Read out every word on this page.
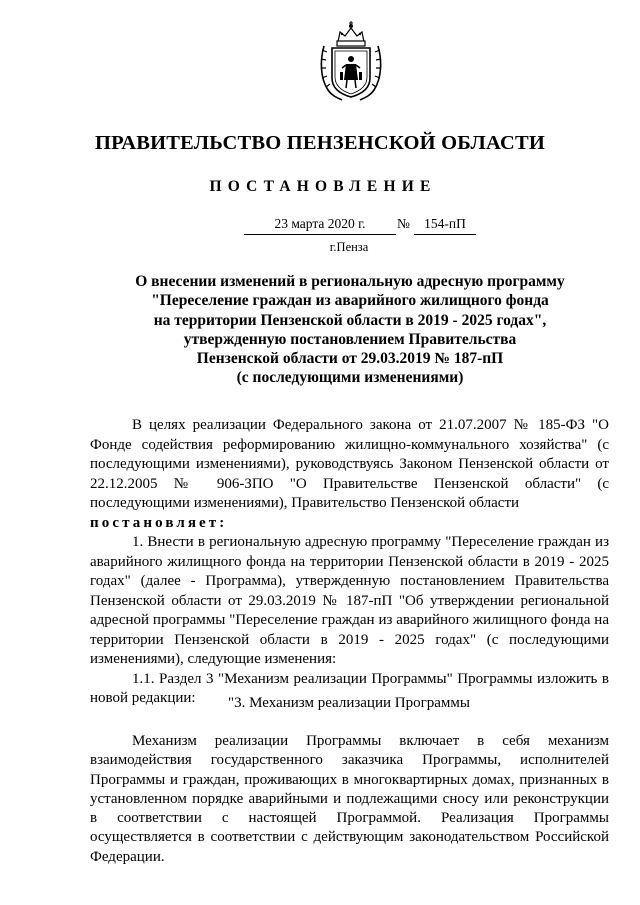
ПРАВИТЕЛЬСТВО ПЕНЗЕНСКОЙ ОБЛАСТИ
ПОСТАНОВЛЕНИЕ
23 марта 2020 г.	№	154-пП
г.Пенза
О внесении изменений в региональную адресную программу
"Переселение граждан из аварийного жилищного фонда
на территории Пензенской области в 2019 - 2025 годах",
утвержденную постановлением Правительства
Пензенской области от 29.03.2019 № 187-пП
(с последующими изменениями)

В целях реализации Федерального закона от 21.07.2007 № 185-ФЗ "О Фонде содействия реформированию жилищно-коммунального хозяйства" (с последующими изменениями), руководствуясь Законом Пензенской области от 22.12.2005 № 906-ЗПО "О Правительстве Пензенской области" (с последующими изменениями), Правительство Пензенской области

постановляет:

1. Внести в региональную адресную программу "Переселение граждан из аварийного жилищного фонда на территории Пензенской области в 2019 - 2025 годах" (далее - Программа), утвержденную постановлением Правительства Пензенской области от 29.03.2019 № 187-пП "Об утверждении региональной адресной программы "Переселение граждан из аварийного жилищного фонда на территории Пензенской области в 2019 - 2025 годах" (с последующими изменениями), следующие изменения:

1.1. Раздел 3 "Механизм реализации Программы" Программы изложить в новой редакции:	"3. Механизм реализации Программы

Механизм реализации Программы включает в себя механизм взаимодействия государственного заказчика Программы, исполнителей Программы и граждан, проживающих в многоквартирных домах, признанных в установленном порядке аварийными и подлежащими сносу или реконструкции в соответствии с настоящей Программой. Реализация Программы осуществляется в соответствии с действующим законодательством Российской Федерации.
